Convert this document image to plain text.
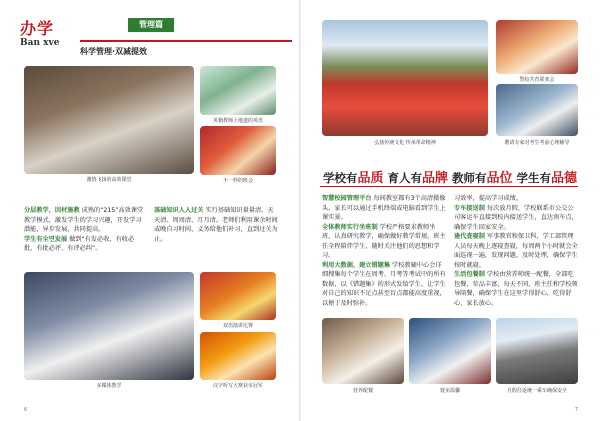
办学
Ban xve
管理篇
科学管理·双减提效
激情飞扬的高效课堂
英籍教师上地道的英语
不一样的班会
分层教学，因材施教 成熟的“215”高效课堂教学模式，激发学生的学习兴趣，开发学习潜能，异步发展，共同提高。
学生有全면发展 做到“有发必收，有收必批，有批必评，有评必纠”。
基础知识人人过关 实行基础知识量量清、天天清、周周清、月月清。老师们利用课余时间或晚自习时间，义务给他们补习，直到过关为止。
多媒体教学
双语演讲比赛
汉字听写大赛获市冠军
6
弘扬传统文化 传承革命精神
警校共育联欢会
聘请专家对考生考前心理辅导
学校有品质 育人有品牌 教师有品位 学生有品德
智慧校园管理平台 每间教室都有3个高清摄像头，家长可以通过手机终端或电脑看到学生上课实景。
全体教师实行坐班制 学校严格要求教师坐班，认真研究教学，确保做好教学常规。班主任全程陪伴学生，随时关注他们的思想和学习。
利用大数据，建立错题集 学校教辅中心会详细搜集每个学生在周考、月考等考试中的所有数据，以《错题集》的形式发给学生，让学生对自己的知识不足点甚至盲点都能高度重视，以便于及时弥补。
习效率，提高学习成绩。
专车接送制 每次放月假，学校联系市公交公司客运车直接到校内接送学生，直达南车点，确保学生回家安全。
逢代查寝制 军事教官和保卫科，学工部管理人员每天晚上逐寝查寝，每周两个小时就会全面巡视一遍，发现问题，及时处理，确保学生按时就寝。
生活包餐制 学校由营养师统一配餐，全部吃包餐，荤品丰富，每天不同，班主任和学校领导陪餐，确保学生在这里学得舒心，吃得舒心，家长放心。
营养配餐	寝室温馨	月假往返统一乘车确保安全
7
